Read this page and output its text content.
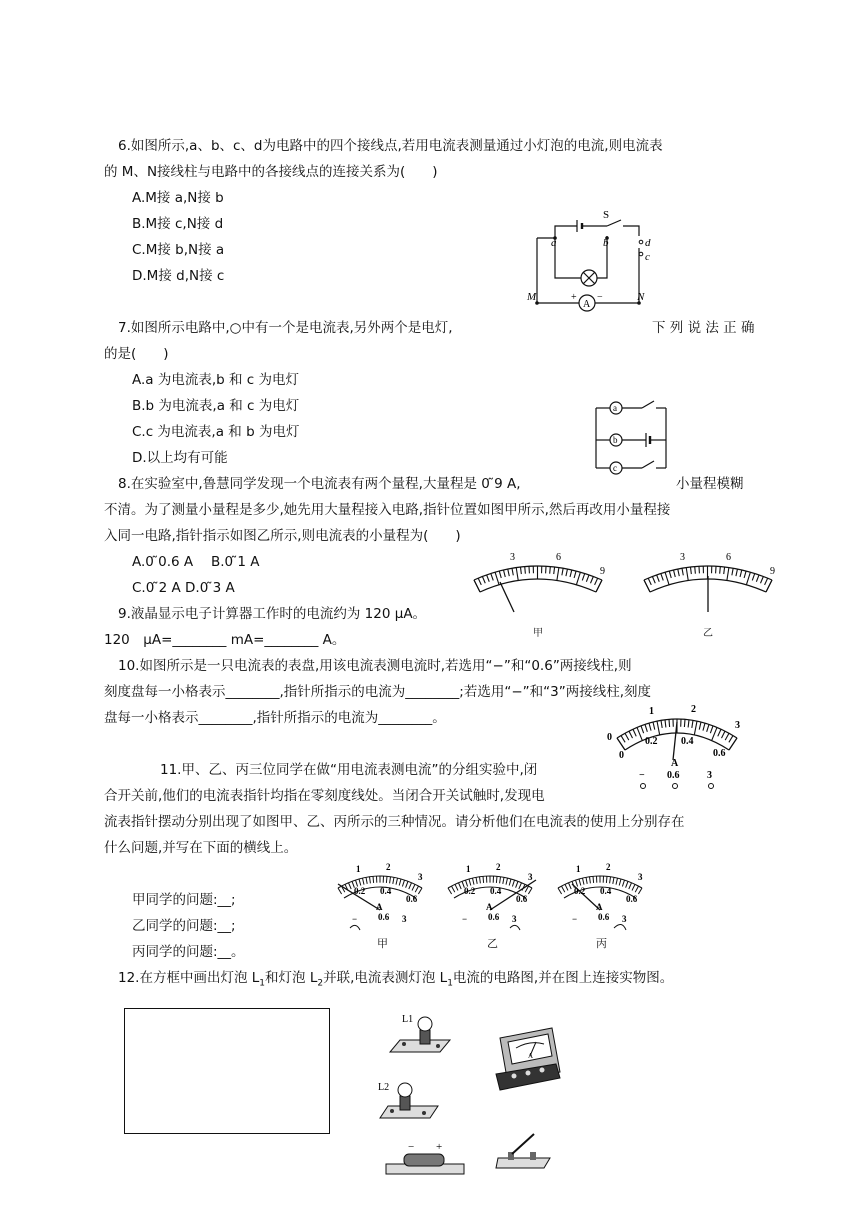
6.如图所示,a、b、c、d为电路中的四个接线点,若用电流表测量通过小灯泡的电流,则电流表
的 M、N接线柱与电路中的各接线点的连接关系为(　　)
A.M接 a,N接 b
B.M接 c,N接 d
C.M接 b,N接 a
D.M接 d,N接 c
S
a	b	d
c
M	N
+ −
A
7.如图所示电路中,○中有一个是电流表,另外两个是电灯,	下 列 说 法 正 确
的是(　　)
A.a 为电流表,b 和 c 为电灯
B.b 为电流表,a 和 c 为电灯
C.c 为电流表,a 和 b 为电灯
D.以上均有可能
a
b
c
8.在实验室中,鲁慧同学发现一个电流表有两个量程,大量程是 0 ̃9 A,	小量程模糊
不清。为了测量小量程是多少,她先用大量程接入电路,指针位置如图甲所示,然后再改用小量程接
入同一电路,指针指示如图乙所示,则电流表的小量程为(　　)
A.0 ̃0.6 A　 B.0 ̃1 A
C.0 ̃2 A D.0 ̃3 A
3	6
9
3	6
9
甲	乙
9.液晶显示电子计算器工作时的电流约为 120 μA。
120　μA=________ mA=________ A。
10.如图所示是一只电流表的表盘,用该电流表测电流时,若选用“−”和“0.6”两接线柱,则
刻度盘每一小格表示________,指针所指示的电流为________;若选用“−”和“3”两接线柱,刻度
盘每一小格表示________,指针所指示的电流为________。
0
1	2
3
0
0.2 0.4
0.6
A
− 0.6	3
11.甲、乙、丙三位同学在做“用电流表测电流”的分组实验中,闭
合开关前,他们的电流表指针均指在零刻度线处。当闭合开关试触时,发现电
流表指针摆动分别出现了如图甲、乙、丙所示的三种情况。请分析他们在电流表的使用上分别存在
什么问题,并写在下面的横线上。
甲同学的问题:__;
乙同学的问题:__;
丙同学的问题:__。
1	2
3
0.2 0.4
0.6
A
0.6
−	3
1	2
3
0.2 0.4
0.6
A
0.6
−	3
1	2
3
0.2 0.4
0.6
A
0.6
−	3
甲	乙	丙
12.在方框中画出灯泡 $L_1$和灯泡 $L_2$并联,电流表测灯泡 $L_1$电流的电路图,并在图上连接实物图。
L1
L2
− +
A
